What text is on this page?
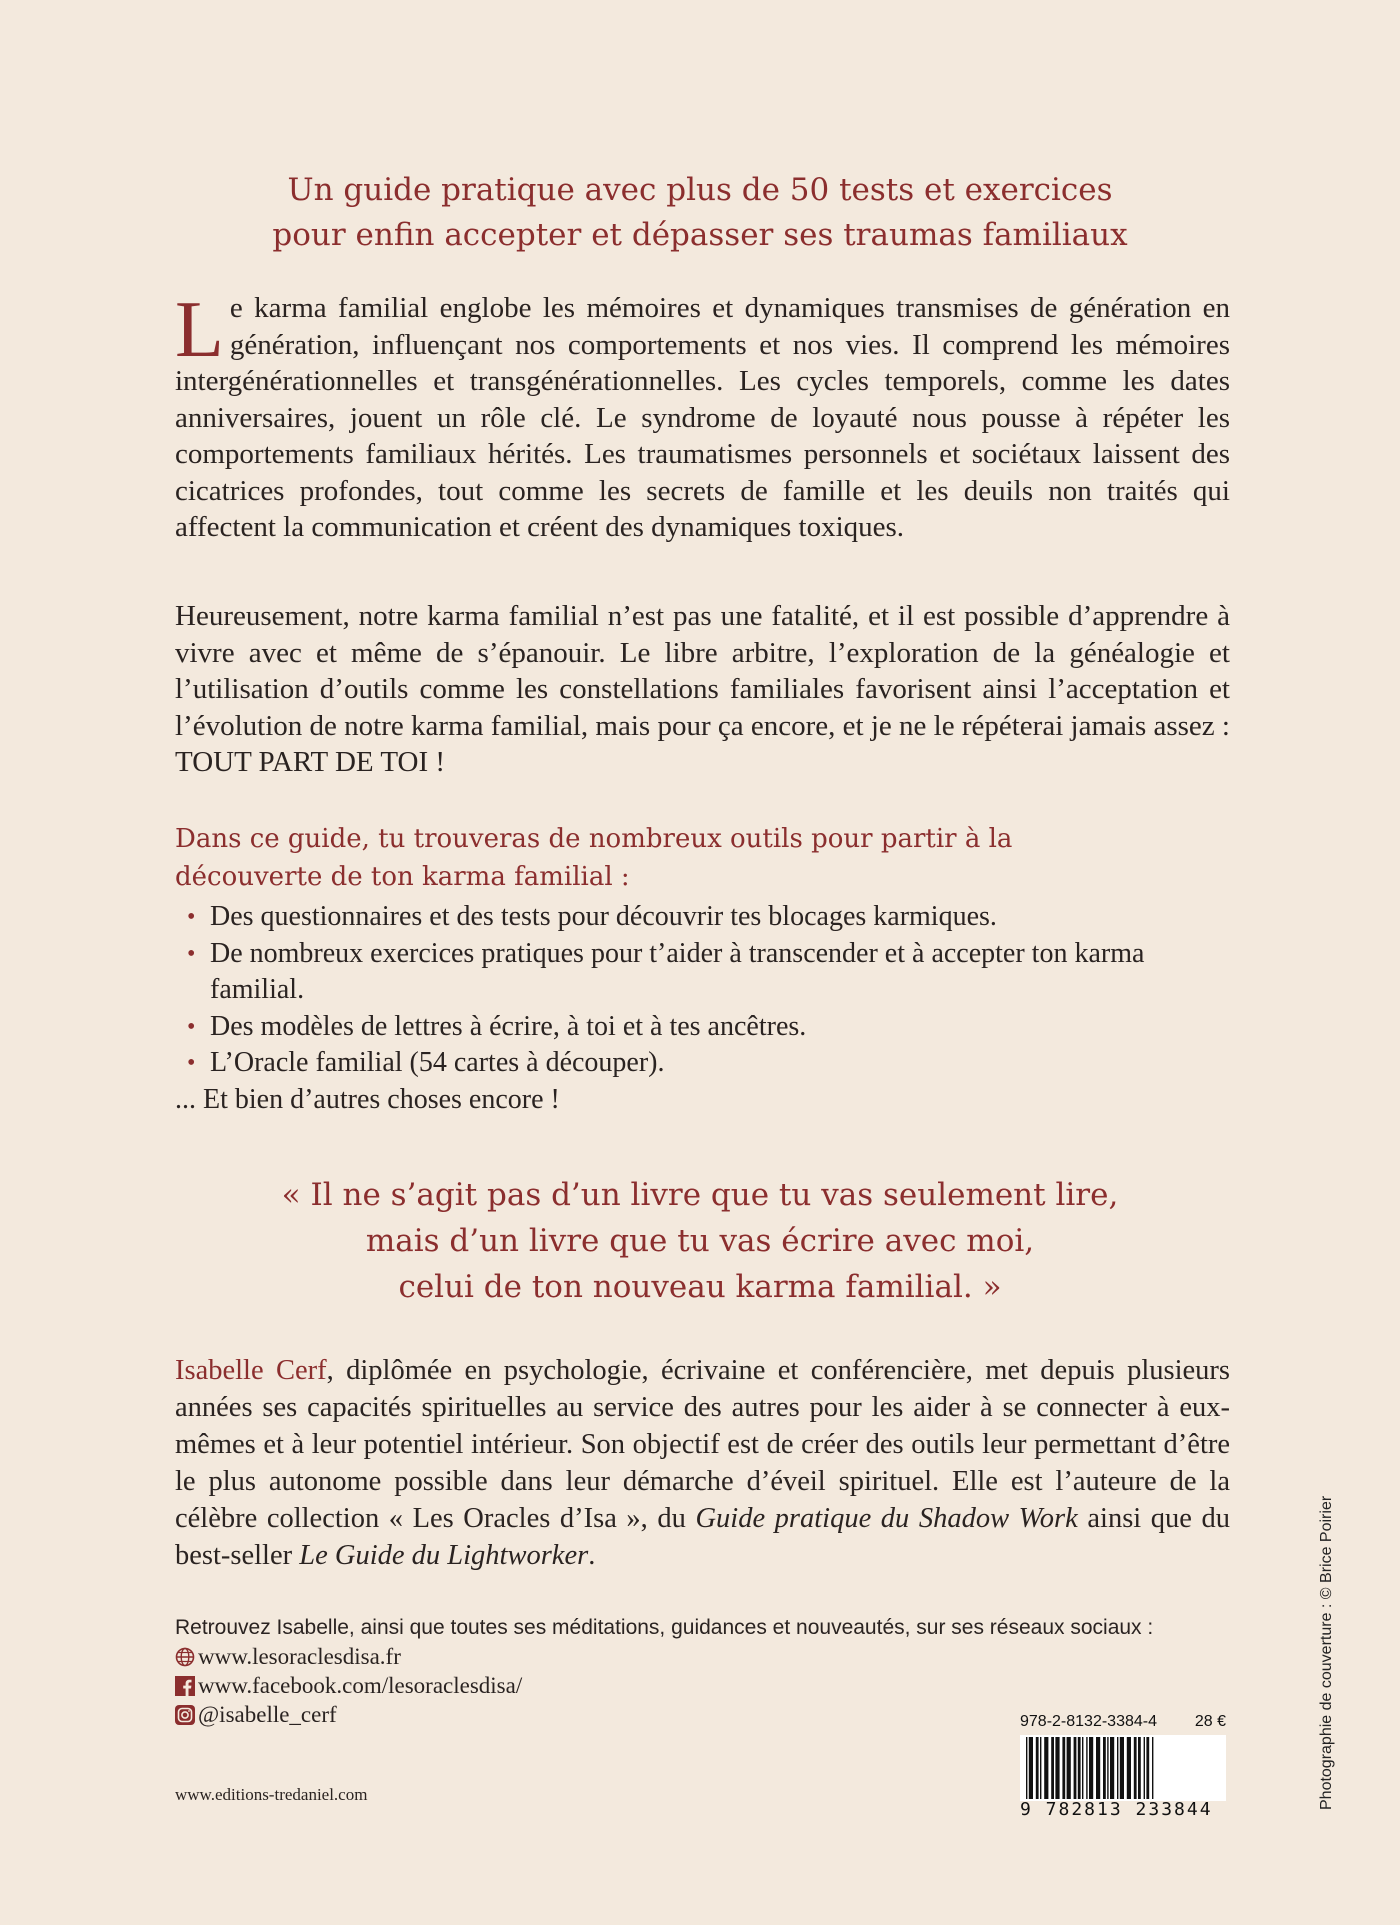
Un guide pratique avec plus de 50 tests et exercices
pour enfin accepter et dépasser ses traumas familiaux
Le karma familial englobe les mémoires et dynamiques transmises de génération en génération, influençant nos comportements et nos vies. Il comprend les mémoires intergénérationnelles et transgénérationnelles. Les cycles temporels, comme les dates anniversaires, jouent un rôle clé. Le syndrome de loyauté nous pousse à répéter les comportements familiaux hérités. Les traumatismes personnels et sociétaux laissent des cicatrices profondes, tout comme les secrets de famille et les deuils non traités qui affectent la communication et créent des dynamiques toxiques.
Heureusement, notre karma familial n’est pas une fatalité, et il est possible d’apprendre à vivre avec et même de s’épanouir. Le libre arbitre, l’exploration de la généalogie et l’utilisation d’outils comme les constellations familiales favorisent ainsi l’acceptation et l’évolution de notre karma familial, mais pour ça encore, et je ne le répéterai jamais assez : TOUT PART DE TOI !
Dans ce guide, tu trouveras de nombreux outils pour partir à la
découverte de ton karma familial :
• Des questionnaires et des tests pour découvrir tes blocages karmiques.
• De nombreux exercices pratiques pour t’aider à transcender et à accepter ton karma familial.
• Des modèles de lettres à écrire, à toi et à tes ancêtres.
• L’Oracle familial (54 cartes à découper).
... Et bien d’autres choses encore !
« Il ne s’agit pas d’un livre que tu vas seulement lire,
mais d’un livre que tu vas écrire avec moi,
celui de ton nouveau karma familial. »
Isabelle Cerf, diplômée en psychologie, écrivaine et conférencière, met depuis plusieurs années ses capacités spirituelles au service des autres pour les aider à se connecter à eux-mêmes et à leur potentiel intérieur. Son objectif est de créer des outils leur permettant d’être le plus autonome possible dans leur démarche d’éveil spirituel. Elle est l’auteure de la célèbre collection « Les Oracles d’Isa », du Guide pratique du Shadow Work ainsi que du best-seller Le Guide du Lightworker.
Retrouvez Isabelle, ainsi que toutes ses méditations, guidances et nouveautés, sur ses réseaux sociaux :
www.lesoraclesdisa.fr
www.facebook.com/lesoraclesdisa/
@isabelle_cerf
www.editions-tredaniel.com
978-2-8132-3384-4 28 €
9 782813 233844	Photographie de couverture : © Brice Poirier
